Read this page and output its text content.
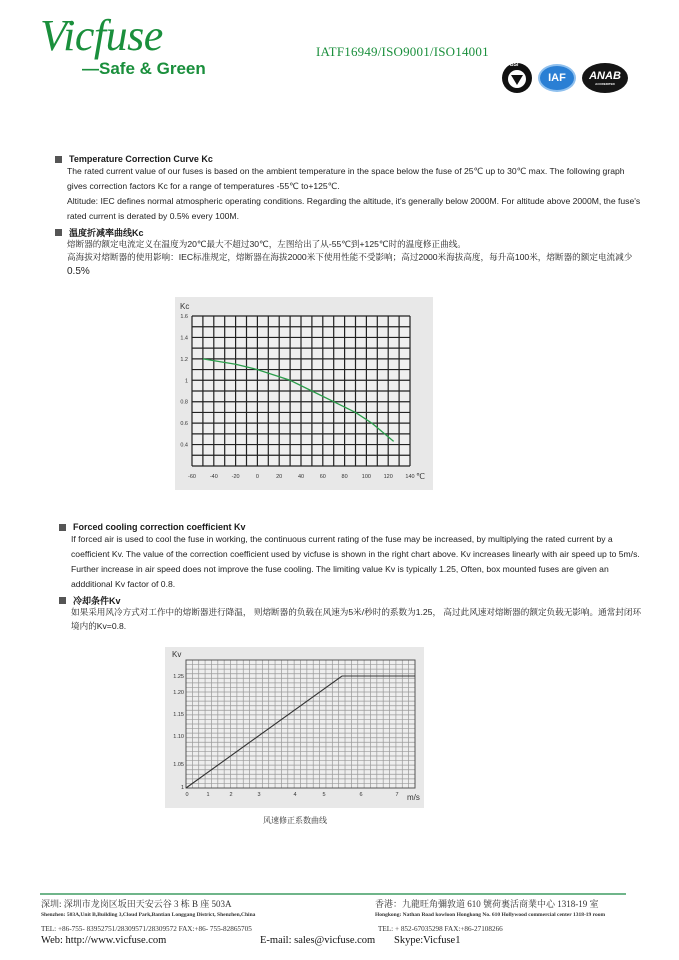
Vicfuse
—Safe & Green
IATF16949/ISO9001/ISO14001
BSI
IAF ANAB
ACCREDITED
Temperature Correction Curve Kc
The rated current value of our fuses is based on the ambient temperature in the space below the fuse of 25℃ up to 30℃ max. The following graph gives correction factors Kc for a range of temperatures -55℃ to+125℃.
Altitude: IEC defines normal atmospheric operating conditions. Regarding the altitude, it's generally below 2000M. For altitude above 2000M, the fuse's rated current is derated by 0.5% every 100M.
温度折减率曲线Kc
熔断器的额定电流定义在温度为20℃最大不超过30℃，左图给出了从-55℃到+125℃时的温度修正曲线。
高海拔对熔断器的使用影响：IEC标准规定，熔断器在海拔2000米下使用性能不受影响；高过2000米海拔高度，每升高100米，熔断器的额定电流减少0.5%
Kc
1.6
1.4
1.2
1
0.8
0.6
0.4
-60	-40	-20	0	20	40	60	80	100 120 140 ℃
Forced cooling correction coefficient Kv
If forced air is used to cool the fuse in working, the continuous current rating of the fuse may be increased, by multiplying the rated current by a coefficient Kv. The value of the correction coefficient used by vicfuse is shown in the right chart above. Kv increases linearly with air speed up to 5m/s. Further increase in air speed does not improve the fuse cooling. The limiting value Kv is typically 1.25, Often, box mounted fuses are given an addditional Kv factor of 0.8.
冷却条件Kv
如果采用风冷方式对工作中的熔断器进行降温， 则熔断器的负载在风速为5米/秒时的系数为1.25， 高过此风速对熔断器的额定负载无影响。通常封闭环境内的Kv=0.8.
Kv
1.25
1.20
1.15
1.10
1.05
1
0	1	2	3	4	5	6	7 m/s
风速修正系数曲线
深圳: 深圳市龙岗区坂田天安云谷 3 栋 B 座 503A
Shenzhen: 503A,Unit B,Building 3,Cloud Park,Bantian Longgang District, Shenzhen,China
TEL: +86-755- 83952751/28309571/28309572 FAX:+86- 755-82865705
香港：九龍旺角彌敦道 610 號荷裏活商業中心 1318-19 室
Hongkong: Nathan Road kowloon Hongkong No. 610 Hollywood commercial center 1318-19 room
TEL: + 852-67035298 FAX:+86-27108266
Web: http://www.vicfuse.com	E-mail: sales@vicfuse.com Skype:Vicfuse1
